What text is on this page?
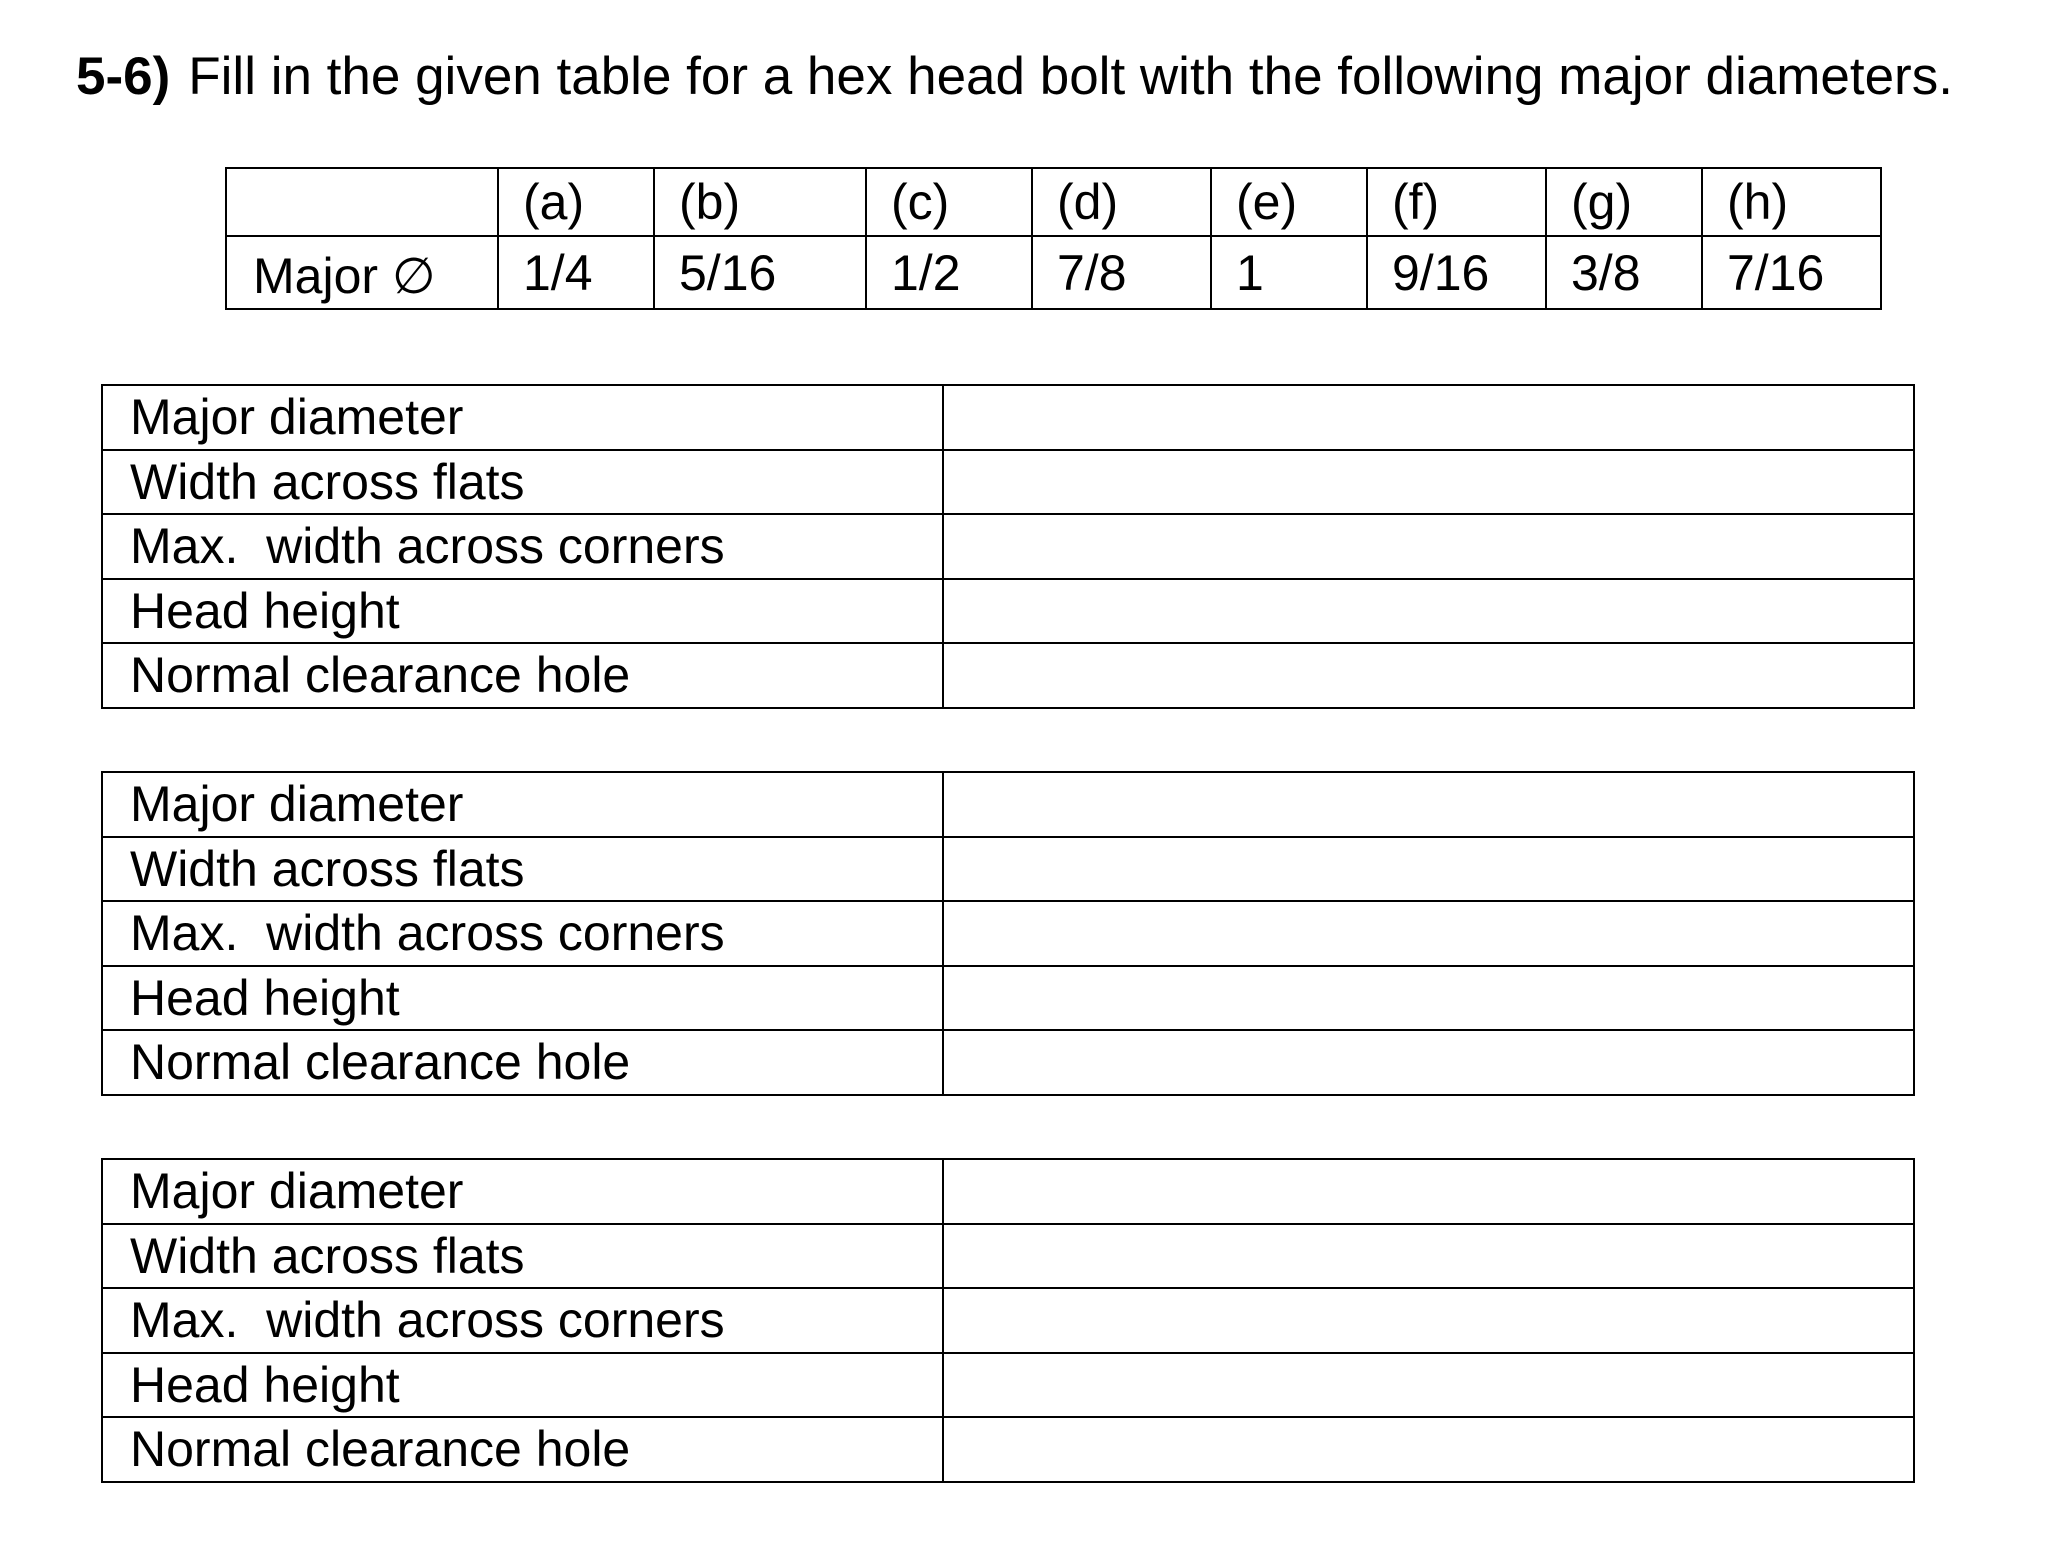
5-6) Fill in the given table for a hex head bolt with the following major diameters.
	(a)	(b)	(c)	(d)	(e)	(f)	(g)	(h)
Major ∅	1/4	5/16	1/2	7/8	1	9/16	3/8	7/16
Major diameter	
Width across flats	
Max.  width across corners	
Head height	
Normal clearance hole	
Major diameter	
Width across flats	
Max.  width across corners	
Head height	
Normal clearance hole	
Major diameter	
Width across flats	
Max.  width across corners	
Head height	
Normal clearance hole	
